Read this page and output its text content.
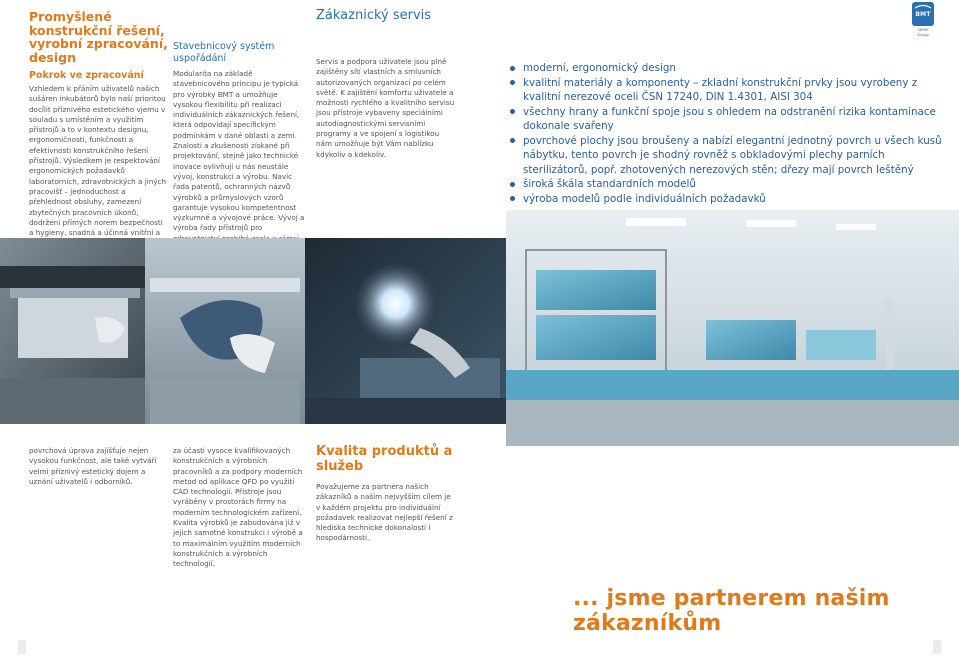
Promyšlené konstrukční řešení, vyrobní zpracování, design
Pokrok ve zpracování
Vzhledem k přáním uživatelů našich sušáren inkubátorů bylo naší prioritou docílit příznivého estetického vjemu v souladu s umístěním a využitím přístrojů a to v kontextu designu, ergonomičnosti, funkčnosti a efektivnosti konstrukčního řešení přístrojů. Výsledkem je respektování ergonomických požadavků laboratorních, zdravotnických a jiných pracovišť – jednoduchost a přehlednost obsluhy, zamezení zbytečných pracovních úkonů, dodržení přímých norem bezpečnosti a hygieny, snadná a účinná vnitřní a
Stavebnicový systém uspořádání
Modularita na základě stavebnicového principu je typická pro výrobky BMT a umožňuje vysokou flexibilitu při realizaci individuálních zákaznických řešení, která odpovídají specifickým podmínkám v dané oblasti a zemi. Znalosti a zkušenosti získané při projektování, stejně jako technické inovace ovlivňují u nás neustále vývoj, konstrukci a výrobu. Navíc řada patentů, ochranných názvů výrobků a průmyslových vzorů garantuje vysokou kompetentnost výzkumné a vývojové práce. Vývoj a výroba řady přístrojů pro
Zákaznický servis
Servis a podpora uživatele jsou plně zajištěny sítí vlastních a smluvních autorizovaných organizací po celém světě. K zajištění komfortu uživatele a možnosti rychlého a kvalitního servisu jsou přístroje vybaveny speciálními autodiagnostickými servisními programy a ve spojení s logistikou nám umožňuje být Vám nablízku kdykoliv a kdekoliv.
BMT
MMM Group
moderní, ergonomický design
kvalitní materiály a komponenty – zkladní konstrukční prvky jsou vyrobeny z kvalitní nerezové oceli ČSN 17240, DIN 1.4301, AISI 304
všechny hrany a funkční spoje jsou s ohledem na odstranění rizika kontaminace dokonale svařeny
povrchové plochy jsou broušeny a nabízí elegantní jednotný povrch u všech kusů nábytku, tento povrch je shodný rovněž s obkladovými plechy parních sterilizátorů, popř. zhotovených nerezových stěn; dřezy mají povrch leštěný
široká škála standardních modelů
výroba modelů podle individuálních požadavků
povrchová úprava zajišťuje nejen vysokou funkčnost, ale také vytváří velmi příznivý estetický dojem a uznání uživatelů i odborníků.
za účasti vysoce kvalifikovaných konstrukčních a výrobních pracovníků a za podpory moderních metod od aplikace QFD po využití CAD technologií. Přístroje jsou vyráběny v prostorách firmy na moderním technologickém zařízení. Kvalita výrobků je zabudována již v jejich samotné konstrukci i výrobě a to maximálním využitím moderních konstrukčních a výrobních technologií.
Kvalita produktů a služeb
Považujeme za partnera našich zákazníků a naším nejvyšším cílem je v každém projektu pro individuální požadavek realizovat nejlepší řešení z hlediska technické dokonalosti i hospodárnosti.
... jsme partnerem našim zákazníkům
